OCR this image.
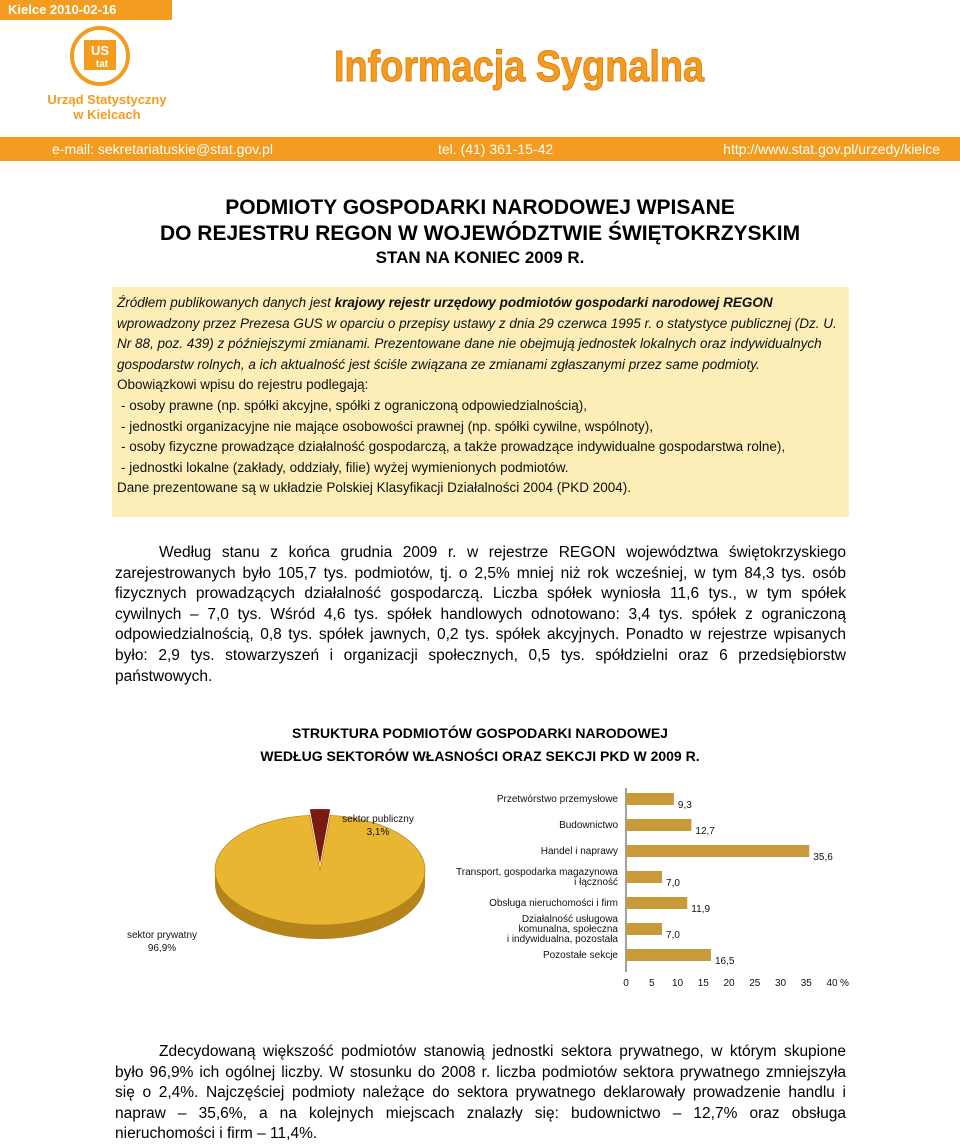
Kielce 2010-02-16
US
tat
Urząd Statystyczny
w Kielcach
Informacja Sygnalna
e-mail: sekretariatuskie@stat.gov.pl	tel. (41) 361-15-42	http://www.stat.gov.pl/urzedy/kielce
PODMIOTY GOSPODARKI NARODOWEJ WPISANE
DO REJESTRU REGON W WOJEWÓDZTWIE ŚWIĘTOKRZYSKIM
STAN NA KONIEC 2009 R.

Źródłem publikowanych danych jest krajowy rejestr urzędowy podmiotów gospodarki narodowej REGON wprowadzony przez Prezesa GUS w oparciu o przepisy ustawy z dnia 29 czerwca 1995 r. o statystyce publicznej (Dz. U. Nr 88, poz. 439) z późniejszymi zmianami. Prezentowane dane nie obejmują jednostek lokalnych oraz indywidualnych gospodarstw rolnych, a ich aktualność jest ściśle związana ze zmianami zgłaszanymi przez same podmioty.

Obowiązkowi wpisu do rejestru podlegają:

- osoby prawne (np. spółki akcyjne, spółki z ograniczoną odpowiedzialnością),

- jednostki organizacyjne nie mające osobowości prawnej (np. spółki cywilne, wspólnoty),

- osoby fizyczne prowadzące działalność gospodarczą, a także prowadzące indywidualne gospodarstwa rolne),

- jednostki lokalne (zakłady, oddziały, filie) wyżej wymienionych podmiotów.

Dane prezentowane są w układzie Polskiej Klasyfikacji Działalności 2004 (PKD 2004).

Według stanu z końca grudnia 2009 r. w rejestrze REGON województwa świętokrzyskiego zarejestrowanych było 105,7 tys. podmiotów, tj. o 2,5% mniej niż rok wcześniej, w tym 84,3 tys. osób fizycznych prowadzących działalność gospodarczą. Liczba spółek wyniosła 11,6 tys., w tym spółek cywilnych – 7,0 tys. Wśród 4,6 tys. spółek handlowych odnotowano: 3,4 tys. spółek z ograniczoną odpowiedzialnością, 0,8 tys. spółek jawnych, 0,2 tys. spółek akcyjnych. Ponadto w rejestrze wpisanych było: 2,9 tys. stowarzyszeń i organizacji społecznych, 0,5 tys. spółdzielni oraz 6 przedsiębiorstw państwowych.

STRUKTURA PODMIOTÓW GOSPODARKI NARODOWEJ
WEDŁUG SEKTORÓW WŁASNOŚCI ORAZ SEKCJI PKD W 2009 R.
sektor publiczny
3,1%
sektor prywatny
96,9%
Przetwórstwo przemysłowe
9,3
Budownictwo
12,7
Handel i naprawy
35,6
Transport, gospodarka magazynowa
i łączność	7,0
Obsługa nieruchomości i firm
11,9
Działalność usługowa
komunalna, społeczna
i indywidualna, pozostała	7,0
Pozostałe sekcje
16,5
0 5 10 15 20 25 30 35 40 %

Zdecydowaną większość podmiotów stanowią jednostki sektora prywatnego, w którym skupione było 96,9% ich ogólnej liczby. W stosunku do 2008 r. liczba podmiotów sektora prywatnego zmniejszyła się o 2,4%. Najczęściej podmioty należące do sektora prywatnego deklarowały prowadzenie handlu i napraw – 35,6%, a na kolejnych miejscach znalazły się: budownictwo – 12,7% oraz obsługa nieruchomości i firm – 11,4%.
